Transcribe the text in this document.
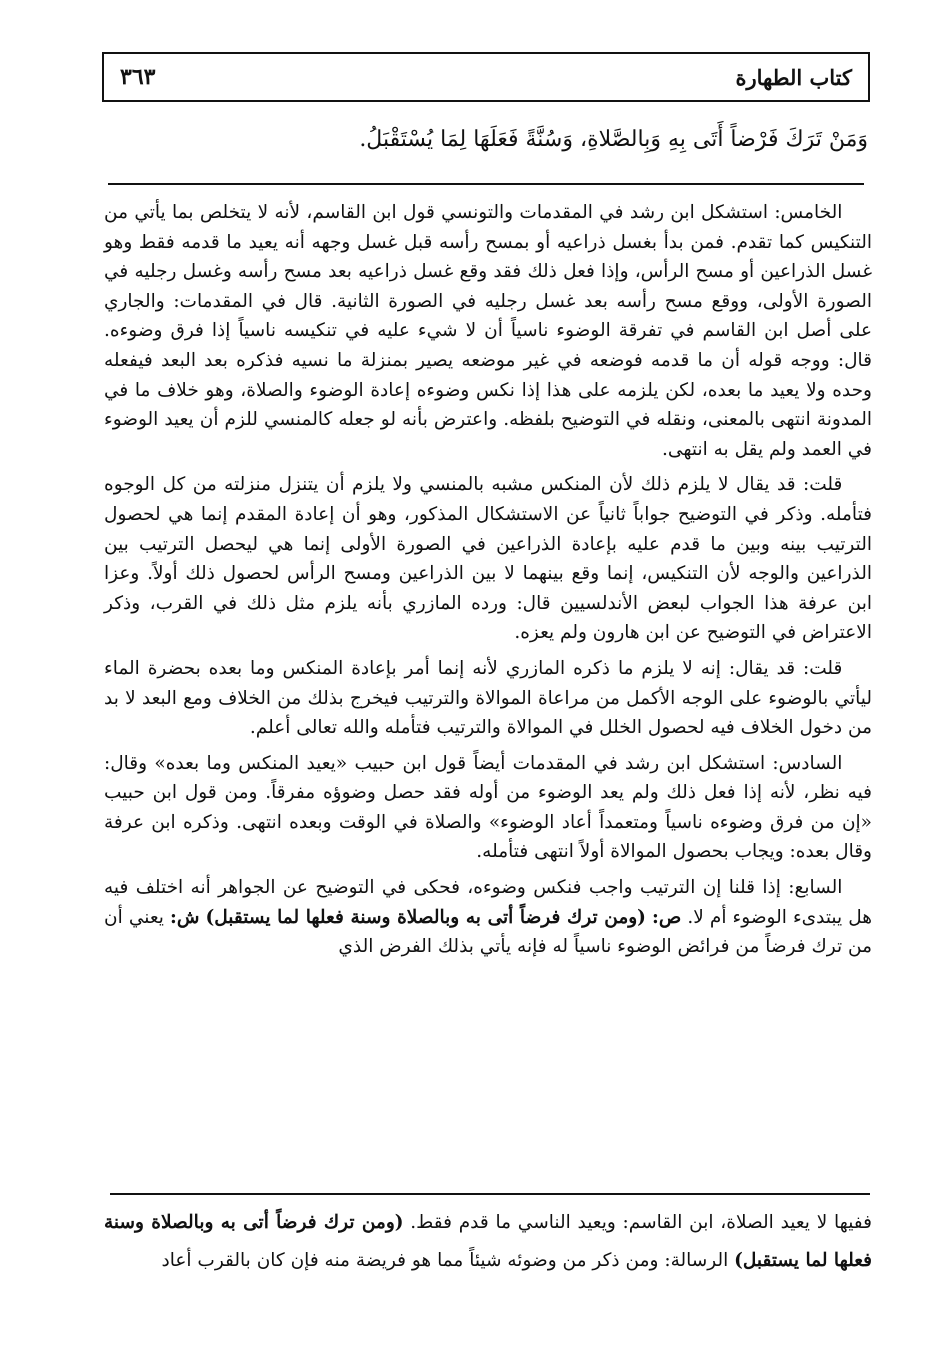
٣٦٣	كتاب الطهارة
وَمَنْ تَرَكَ فَرْضاً أَتَى بِهِ وَبِالصَّلاةِ، وَسُنَّةً فَعَلَهَا لِمَا يُسْتَقْبَلُ.

الخامس: استشكل ابن رشد في المقدمات والتونسي قول ابن القاسم، لأنه لا يتخلص بما يأتي من التنكيس كما تقدم. فمن بدأ بغسل ذراعيه أو بمسح رأسه قبل غسل وجهه أنه يعيد ما قدمه فقط وهو غسل الذراعين أو مسح الرأس، وإذا فعل ذلك فقد وقع غسل ذراعيه بعد مسح رأسه وغسل رجليه في الصورة الأولى، ووقع مسح رأسه بعد غسل رجليه في الصورة الثانية. قال في المقدمات: والجاري على أصل ابن القاسم في تفرقة الوضوء ناسياً أن لا شيء عليه في تنكيسه ناسياً إذا فرق وضوءه. قال: ووجه قوله أن ما قدمه فوضعه في غير موضعه يصير بمنزلة ما نسيه فذكره بعد البعد فيفعله وحده ولا يعيد ما بعده، لكن يلزمه على هذا إذا نكس وضوءه إعادة الوضوء والصلاة، وهو خلاف ما في المدونة انتهى بالمعنى، ونقله في التوضيح بلفظه. واعترض بأنه لو جعله كالمنسي للزم أن يعيد الوضوء في العمد ولم يقل به انتهى.

قلت: قد يقال لا يلزم ذلك لأن المنكس مشبه بالمنسي ولا يلزم أن يتنزل منزلته من كل الوجوه فتأمله. وذكر في التوضيح جواباً ثانياً عن الاستشكال المذكور، وهو أن إعادة المقدم إنما هي لحصول الترتيب بينه وبين ما قدم عليه بإعادة الذراعين في الصورة الأولى إنما هي ليحصل الترتيب بين الذراعين والوجه لأن التنكيس، إنما وقع بينهما لا بين الذراعين ومسح الرأس لحصول ذلك أولاً. وعزا ابن عرفة هذا الجواب لبعض الأندلسيين قال: ورده المازري بأنه يلزم مثل ذلك في القرب، وذكر الاعتراض في التوضيح عن ابن هارون ولم يعزه.

قلت: قد يقال: إنه لا يلزم ما ذكره المازري لأنه إنما أمر بإعادة المنكس وما بعده بحضرة الماء ليأتي بالوضوء على الوجه الأكمل من مراعاة الموالاة والترتيب فيخرج بذلك من الخلاف ومع البعد لا بد من دخول الخلاف فيه لحصول الخلل في الموالاة والترتيب فتأمله والله تعالى أعلم.

السادس: استشكل ابن رشد في المقدمات أيضاً قول ابن حبيب «يعيد المنكس وما بعده» وقال: فيه نظر، لأنه إذا فعل ذلك ولم يعد الوضوء من أوله فقد حصل وضوؤه مفرقاً. ومن قول ابن حبيب «إن من فرق وضوءه ناسياً ومتعمداً أعاد الوضوء» والصلاة في الوقت وبعده انتهى. وذكره ابن عرفة وقال بعده: ويجاب بحصول الموالاة أولاً انتهى فتأمله.

السابع: إذا قلنا إن الترتيب واجب فنكس وضوءه، فحكى في التوضيح عن الجواهر أنه اختلف فيه هل يبتدىء الوضوء أم لا. ص: (ومن ترك فرضاً أتى به وبالصلاة وسنة فعلها لما يستقبل) ش: يعني أن من ترك فرضاً من فرائض الوضوء ناسياً له فإنه يأتي بذلك الفرض الذي

ففيها لا يعيد الصلاة، ابن القاسم: ويعيد الناسي ما قدم فقط. (ومن ترك فرضاً أتى به وبالصلاة وسنة فعلها لما يستقبل) الرسالة: ومن ذكر من وضوئه شيئاً مما هو فريضة منه فإن كان بالقرب أعاد
